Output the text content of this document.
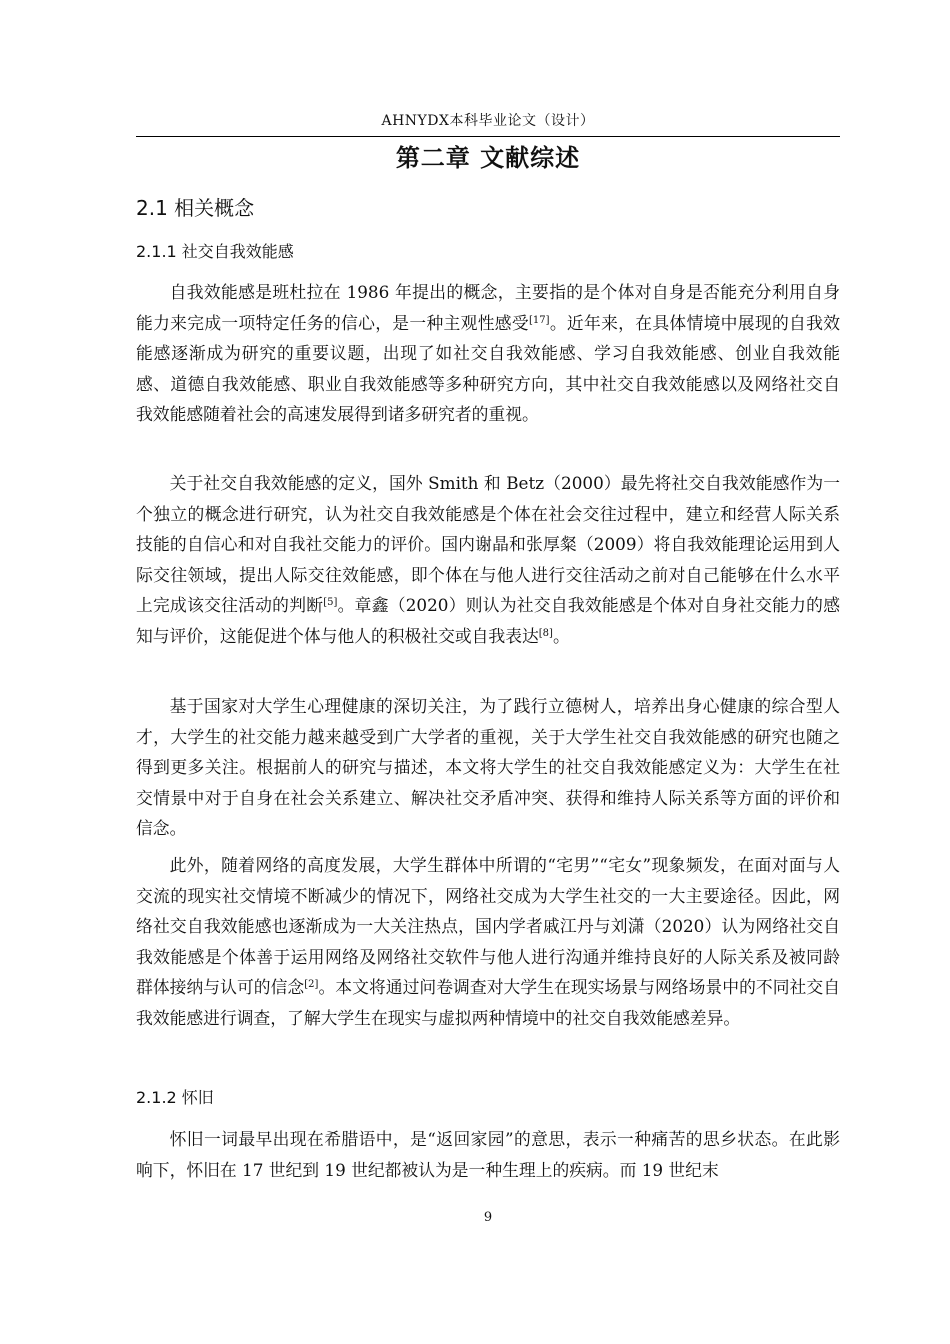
AHNYDX本科毕业论文（设计）
第二章 文献综述
2.1 相关概念
2.1.1 社交自我效能感

自我效能感是班杜拉在 1986 年提出的概念，主要指的是个体对自身是否能充分利用自身能力来完成一项特定任务的信心，是一种主观性感受[17]。近年来，在具体情境中展现的自我效能感逐渐成为研究的重要议题，出现了如社交自我效能感、学习自我效能感、创业自我效能感、道德自我效能感、职业自我效能感等多种研究方向，其中社交自我效能感以及网络社交自我效能感随着社会的高速发展得到诸多研究者的重视。

关于社交自我效能感的定义，国外 Smith 和 Betz（2000）最先将社交自我效能感作为一个独立的概念进行研究，认为社交自我效能感是个体在社会交往过程中，建立和经营人际关系技能的自信心和对自我社交能力的评价。国内谢晶和张厚粲（2009）将自我效能理论运用到人际交往领域，提出人际交往效能感，即个体在与他人进行交往活动之前对自己能够在什么水平上完成该交往活动的判断[5]。章鑫（2020）则认为社交自我效能感是个体对自身社交能力的感知与评价，这能促进个体与他人的积极社交或自我表达[8]。

基于国家对大学生心理健康的深切关注，为了践行立德树人，培养出身心健康的综合型人才，大学生的社交能力越来越受到广大学者的重视，关于大学生社交自我效能感的研究也随之得到更多关注。根据前人的研究与描述，本文将大学生的社交自我效能感定义为：大学生在社交情景中对于自身在社会关系建立、解决社交矛盾冲突、获得和维持人际关系等方面的评价和信念。

此外，随着网络的高度发展，大学生群体中所谓的“宅男”“宅女”现象频发，在面对面与人交流的现实社交情境不断减少的情况下，网络社交成为大学生社交的一大主要途径。因此，网络社交自我效能感也逐渐成为一大关注热点，国内学者戚江丹与刘潇（2020）认为网络社交自我效能感是个体善于运用网络及网络社交软件与他人进行沟通并维持良好的人际关系及被同龄群体接纳与认可的信念[2]。本文将通过问卷调查对大学生在现实场景与网络场景中的不同社交自我效能感进行调查，了解大学生在现实与虚拟两种情境中的社交自我效能感差异。

2.1.2 怀旧

怀旧一词最早出现在希腊语中，是“返回家园”的意思，表示一种痛苦的思乡状态。在此影响下，怀旧在 17 世纪到 19 世纪都被认为是一种生理上的疾病。而 19 世纪末

9
